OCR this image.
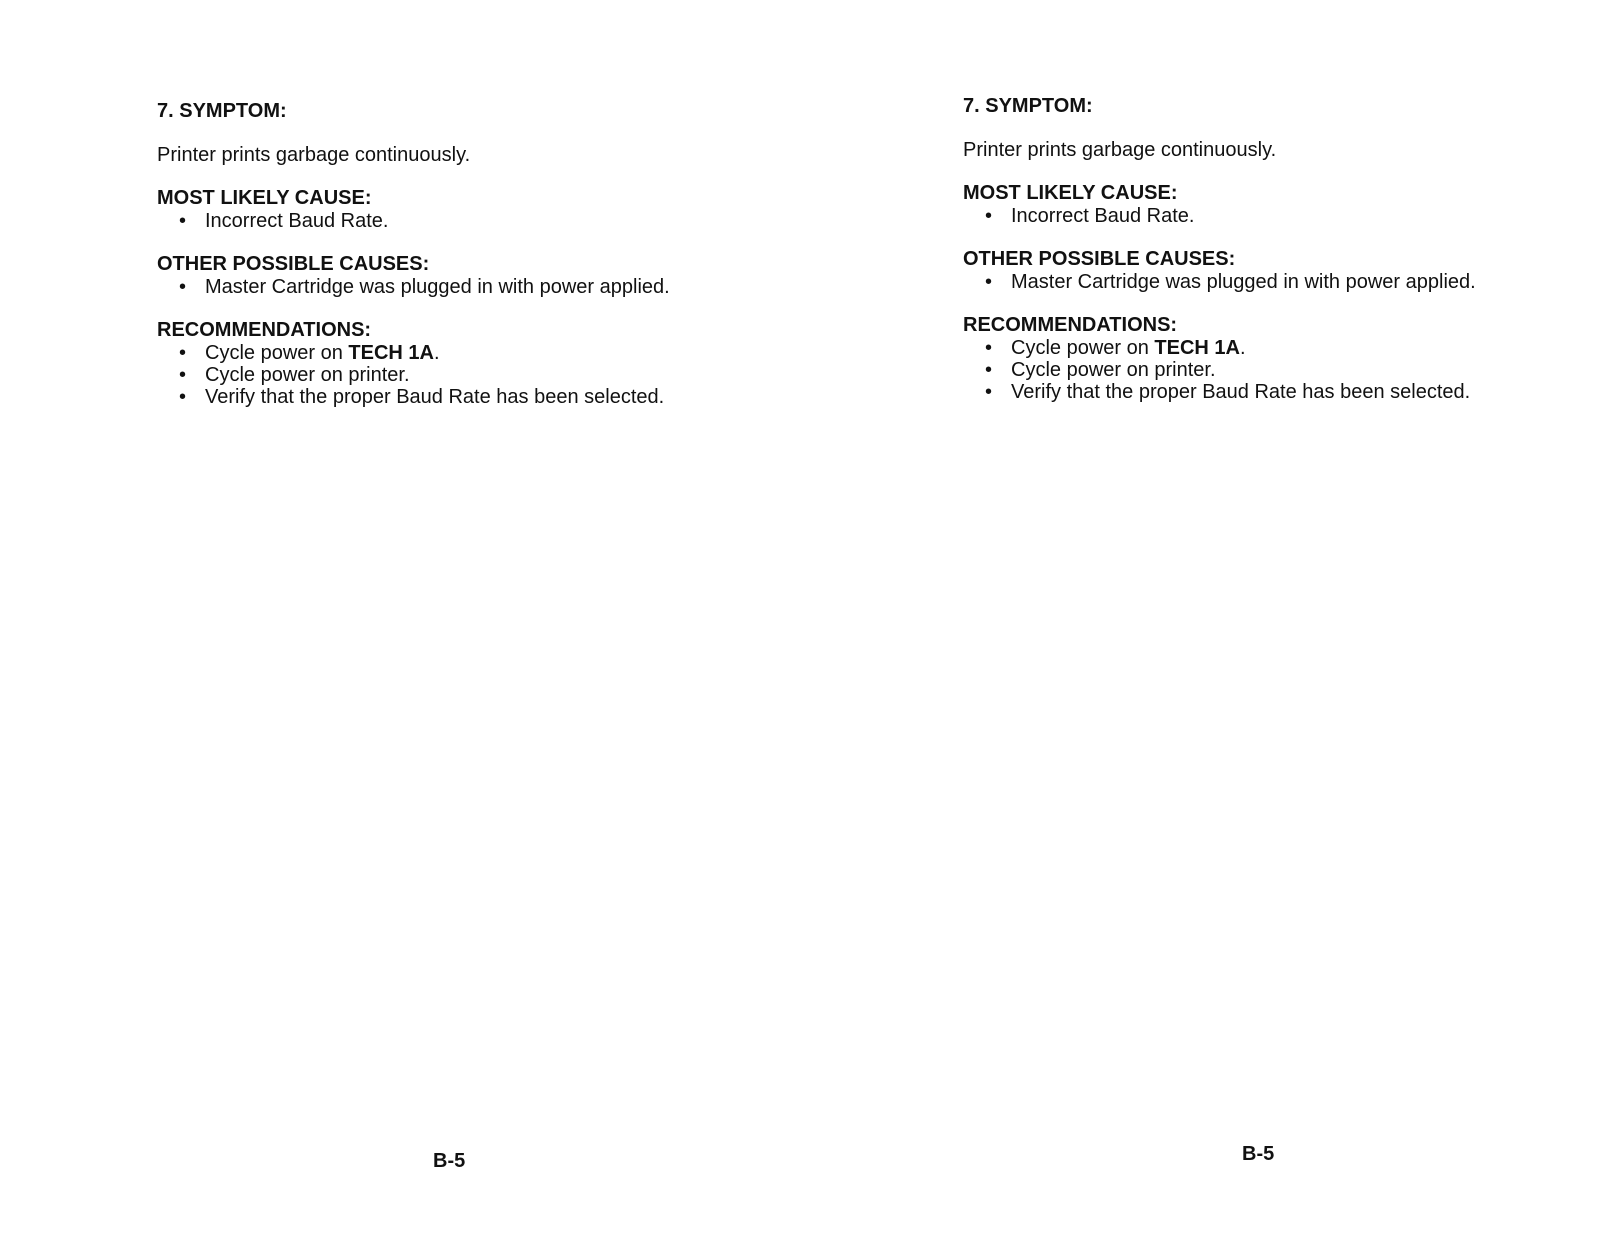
7. SYMPTOM:

Printer prints garbage continuously.

MOST LIKELY CAUSE:

• Incorrect Baud Rate.

OTHER POSSIBLE CAUSES:

• Master Cartridge was plugged in with power applied.

RECOMMENDATIONS:

• Cycle power on TECH 1A.
• Cycle power on printer.
• Verify that the proper Baud Rate has been selected.
B-5

7. SYMPTOM:

Printer prints garbage continuously.

MOST LIKELY CAUSE:

• Incorrect Baud Rate.

OTHER POSSIBLE CAUSES:

• Master Cartridge was plugged in with power applied.

RECOMMENDATIONS:

• Cycle power on TECH 1A.
• Cycle power on printer.
• Verify that the proper Baud Rate has been selected.
B-5
